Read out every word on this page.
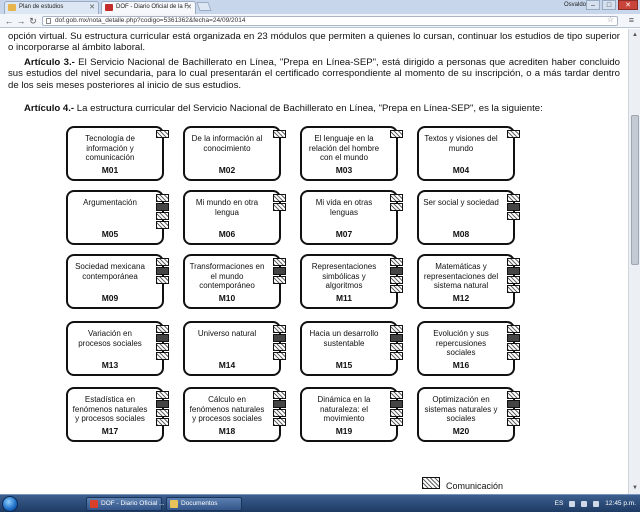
Plan de estudios	✕	DOF - Diario Oficial de la F
✕	Osvaldo –	□	✕
← → ↻	dof.gob.mx/nota_detalle.php?codigo=5361362&fecha=24/09/2014	☆ ≡

opción virtual. Su estructura curricular está organizada en 23 módulos que permiten a quienes lo cursan, continuar los estudios de tipo superior o incorporarse al ámbito laboral.

Artículo 3.- El Servicio Nacional de Bachillerato en Línea, "Prepa en Línea-SEP", está dirigido a personas que acrediten haber concluido sus estudios del nivel secundaria, para lo cual presentarán el certificado correspondiente al momento de su inscripción, o a más tardar dentro de los seis meses posteriores al inicio de sus estudios.

Artículo 4.- La estructura curricular del Servicio Nacional de Bachillerato en Línea, "Prepa en Línea-SEP", es la siguiente:

Tecnología de información y comunicación
M01
De la información al conocimiento
M02
El lenguaje en la relación del hombre con el mundo
M03
Textos y visiones del mundo
M04
Argumentación
M05
Mi mundo en otra lengua
M06
Mi vida en otras lenguas
M07
Ser social y sociedad
M08
Sociedad mexicana contemporánea
M09
Transformaciones en el mundo contemporáneo
M10
Representaciones simbólicas y algoritmos
M11
Matemáticas y representaciones del sistema natural
M12
Variación en procesos sociales
M13
Universo natural
M14
Hacia un desarrollo sustentable
M15
Evolución y sus repercusiones sociales
M16
Estadística en fenómenos naturales y procesos sociales
M17
Cálculo en fenómenos naturales y procesos sociales
M18
Dinámica en la naturaleza: el movimiento
M19
Optimización en sistemas naturales y sociales
M20
Comunicación
▲
▼
DOF - Diario Oficial ...	Documentos	ES	12:45 p.m.
